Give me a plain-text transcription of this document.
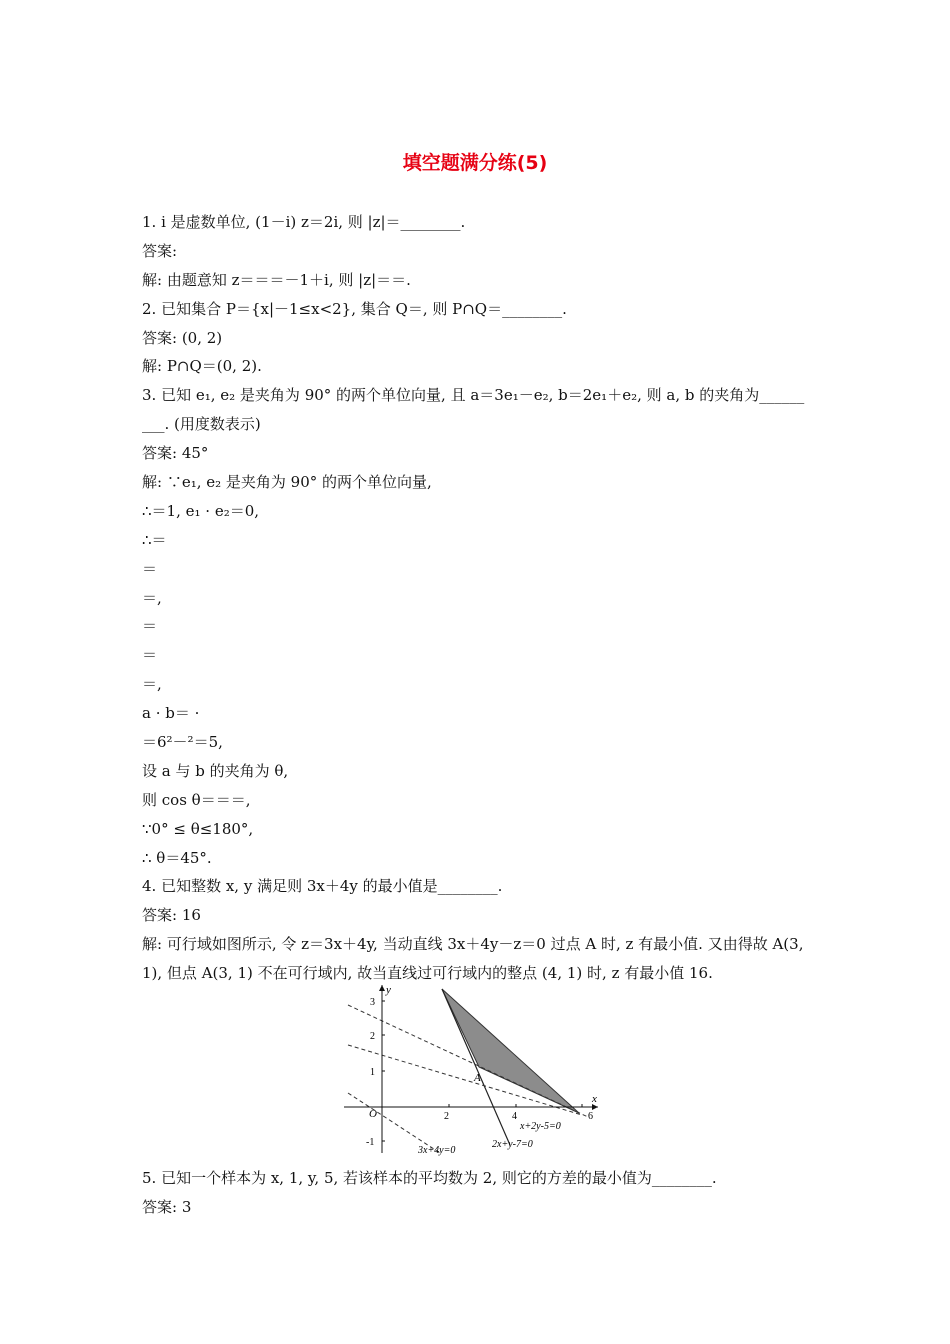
填空题满分练(5)
1. i 是虚数单位, (1－i) z＝2i, 则 |z|＝________.
答案:
解: 由题意知 z＝＝＝－1＋i, 则 |z|＝＝.
2. 已知集合 P＝{x|－1≤x<2}, 集合 Q＝, 则 P∩Q＝________.
答案: (0, 2)
解: P∩Q＝(0, 2).
3. 已知 e₁, e₂ 是夹角为 90° 的两个单位向量, 且 a＝3e₁－e₂, b＝2e₁＋e₂, 则 a, b 的夹角为______
___. (用度数表示)
答案: 45°
解: ∵e₁, e₂ 是夹角为 90° 的两个单位向量,
∴＝1, e₁ · e₂＝0,
∴＝
＝
＝,
＝
＝
＝,
a · b＝ ·
＝6²－²＝5,
设 a 与 b 的夹角为 θ,
则 cos θ＝＝＝,
∵0° ≤ θ≤180°,
∴ θ＝45°.
4. 已知整数 x, y 满足则 3x＋4y 的最小值是________.
答案: 16
解: 可行域如图所示, 令 z＝3x＋4y, 当动直线 3x＋4y－z＝0 过点 A 时, z 有最小值. 又由得故 A(3, 1), 但点 A(3, 1) 不在可行域内, 故当直线过可行域内的整点 (4, 1) 时, z 有最小值 16.
x
y
O
A
2	4	6
3
2
1
-1
x+2y-5=0
2x+y-7=0
3x+4y=0
5. 已知一个样本为 x, 1, y, 5, 若该样本的平均数为 2, 则它的方差的最小值为________.
答案: 3
